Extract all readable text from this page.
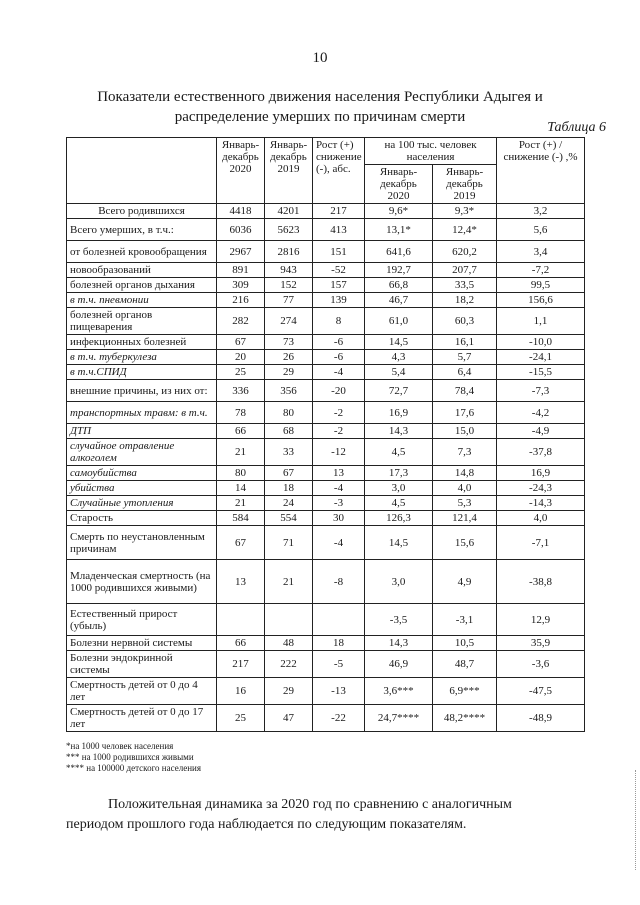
10
Показатели естественного движения населения Республики Адыгея и
распределение умерших по причинам смерти
Таблица 6
	Январь-декабрь 2020	Январь-декабрь 2019	Рост (+) снижение (-), абс.	на 100 тыс. человек населения		Рост (+) / снижение (-) ,%
				Январь-декабрь 2020	Январь-декабрь 2019	
Всего родившихся	4418	4201	217	9,6*	9,3*	3,2
Всего умерших, в т.ч.:	6036	5623	413	13,1*	12,4*	5,6
от болезней кровообращения	2967	2816	151	641,6	620,2	3,4
новообразований	891	943	-52	192,7	207,7	-7,2
болезней органов дыхания	309	152	157	66,8	33,5	99,5
в т.ч. пневмонии	216	77	139	46,7	18,2	156,6
болезней органов пищеварения	282	274	8	61,0	60,3	1,1
инфекционных болезней	67	73	-6	14,5	16,1	-10,0
в т.ч. туберкулеза	20	26	-6	4,3	5,7	-24,1
в т.ч.СПИД	25	29	-4	5,4	6,4	-15,5
внешние причины, из них от:	336	356	-20	72,7	78,4	-7,3
транспортных травм: в т.ч.	78	80	-2	16,9	17,6	-4,2
ДТП	66	68	-2	14,3	15,0	-4,9
случайное отравление алкоголем	21	33	-12	4,5	7,3	-37,8
самоубийства	80	67	13	17,3	14,8	16,9
убийства	14	18	-4	3,0	4,0	-24,3
Случайные утопления	21	24	-3	4,5	5,3	-14,3
Старость	584	554	30	126,3	121,4	4,0
Смерть по неустановленным причинам	67	71	-4	14,5	15,6	-7,1
Младенческая смертность (на 1000 родившихся живыми)	13	21	-8	3,0	4,9	-38,8
Естественный прирост (убыль)				-3,5	-3,1	12,9
Болезни нервной системы	66	48	18	14,3	10,5	35,9
Болезни эндокринной системы	217	222	-5	46,9	48,7	-3,6
Смертность детей от 0 до 4 лет	16	29	-13	3,6***	6,9***	-47,5
Смертность детей от 0 до 17 лет	25	47	-22	24,7****	48,2****	-48,9
*на 1000 человек населения
*** на 1000 родившихся живыми
**** на 100000 детского населения
Положительная динамика за 2020 год по сравнению с аналогичным
периодом прошлого года наблюдается по следующим показателям.
